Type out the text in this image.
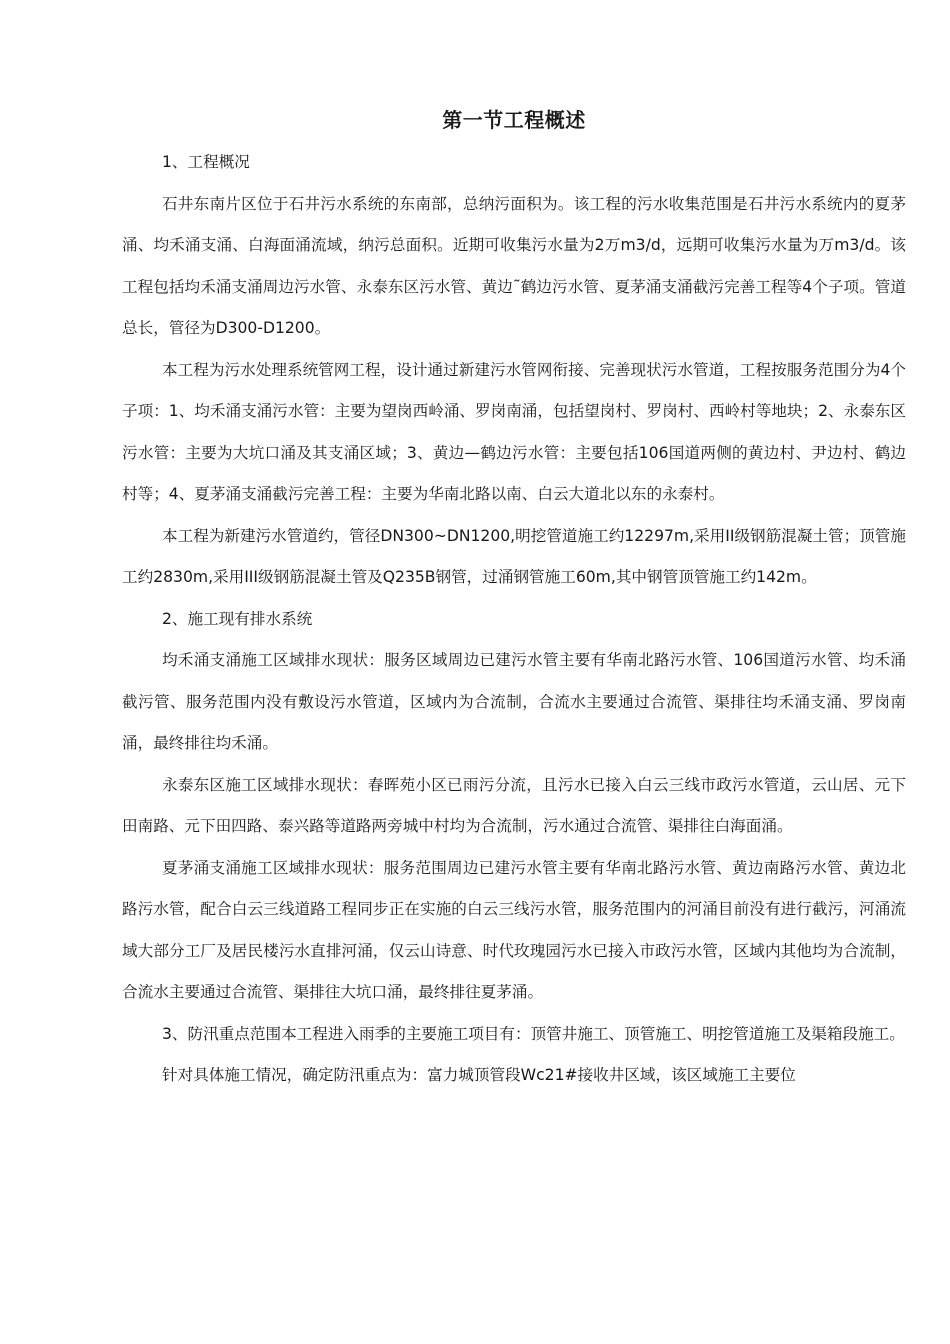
第一节工程概述

1、工程概况

石井东南片区位于石井污水系统的东南部，总纳污面积为。该工程的污水收集范围是石井污水系统内的夏茅涌、均禾涌支涌、白海面涌流域，纳污总面积。近期可收集污水量为2万m3/d，远期可收集污水量为万m3/d。该工程包括均禾涌支涌周边污水管、永泰东区污水管、黄边˜鹤边污水管、夏茅涌支涌截污完善工程等4个子项。管道总长，管径为D300-D1200。

本工程为污水处理系统管网工程，设计通过新建污水管网衔接、完善现状污水管道，工程按服务范围分为4个子项：1、均禾涌支涌污水管：主要为望岗西岭涌、罗岗南涌，包括望岗村、罗岗村、西岭村等地块；2、永泰东区污水管：主要为大坑口涌及其支涌区域；3、黄边—鹤边污水管：主要包括106国道两侧的黄边村、尹边村、鹤边村等；4、夏茅涌支涌截污完善工程：主要为华南北路以南、白云大道北以东的永泰村。

本工程为新建污水管道约，管径DN300~DN1200,明挖管道施工约12297m,采用II级钢筋混凝土管；顶管施工约2830m,采用III级钢筋混凝土管及Q235B钢管，过涌钢管施工60m,其中钢管顶管施工约142m。

2、施工现有排水系统

均禾涌支涌施工区域排水现状：服务区域周边已建污水管主要有华南北路污水管、106国道污水管、均禾涌截污管、服务范围内没有敷设污水管道，区域内为合流制，合流水主要通过合流管、渠排往均禾涌支涌、罗岗南涌，最终排往均禾涌。

永泰东区施工区域排水现状：春晖苑小区已雨污分流，且污水已接入白云三线市政污水管道，云山居、元下田南路、元下田四路、泰兴路等道路两旁城中村均为合流制，污水通过合流管、渠排往白海面涌。

夏茅涌支涌施工区域排水现状：服务范围周边已建污水管主要有华南北路污水管、黄边南路污水管、黄边北路污水管，配合白云三线道路工程同步正在实施的白云三线污水管，服务范围内的河涌目前没有进行截污，河涌流域大部分工厂及居民楼污水直排河涌，仅云山诗意、时代玫瑰园污水已接入市政污水管，区域内其他均为合流制，合流水主要通过合流管、渠排往大坑口涌，最终排往夏茅涌。

3、防汛重点范围本工程进入雨季的主要施工项目有：顶管井施工、顶管施工、明挖管道施工及渠箱段施工。

针对具体施工情况，确定防汛重点为：富力城顶管段Wc21#接收井区域，该区域施工主要位
